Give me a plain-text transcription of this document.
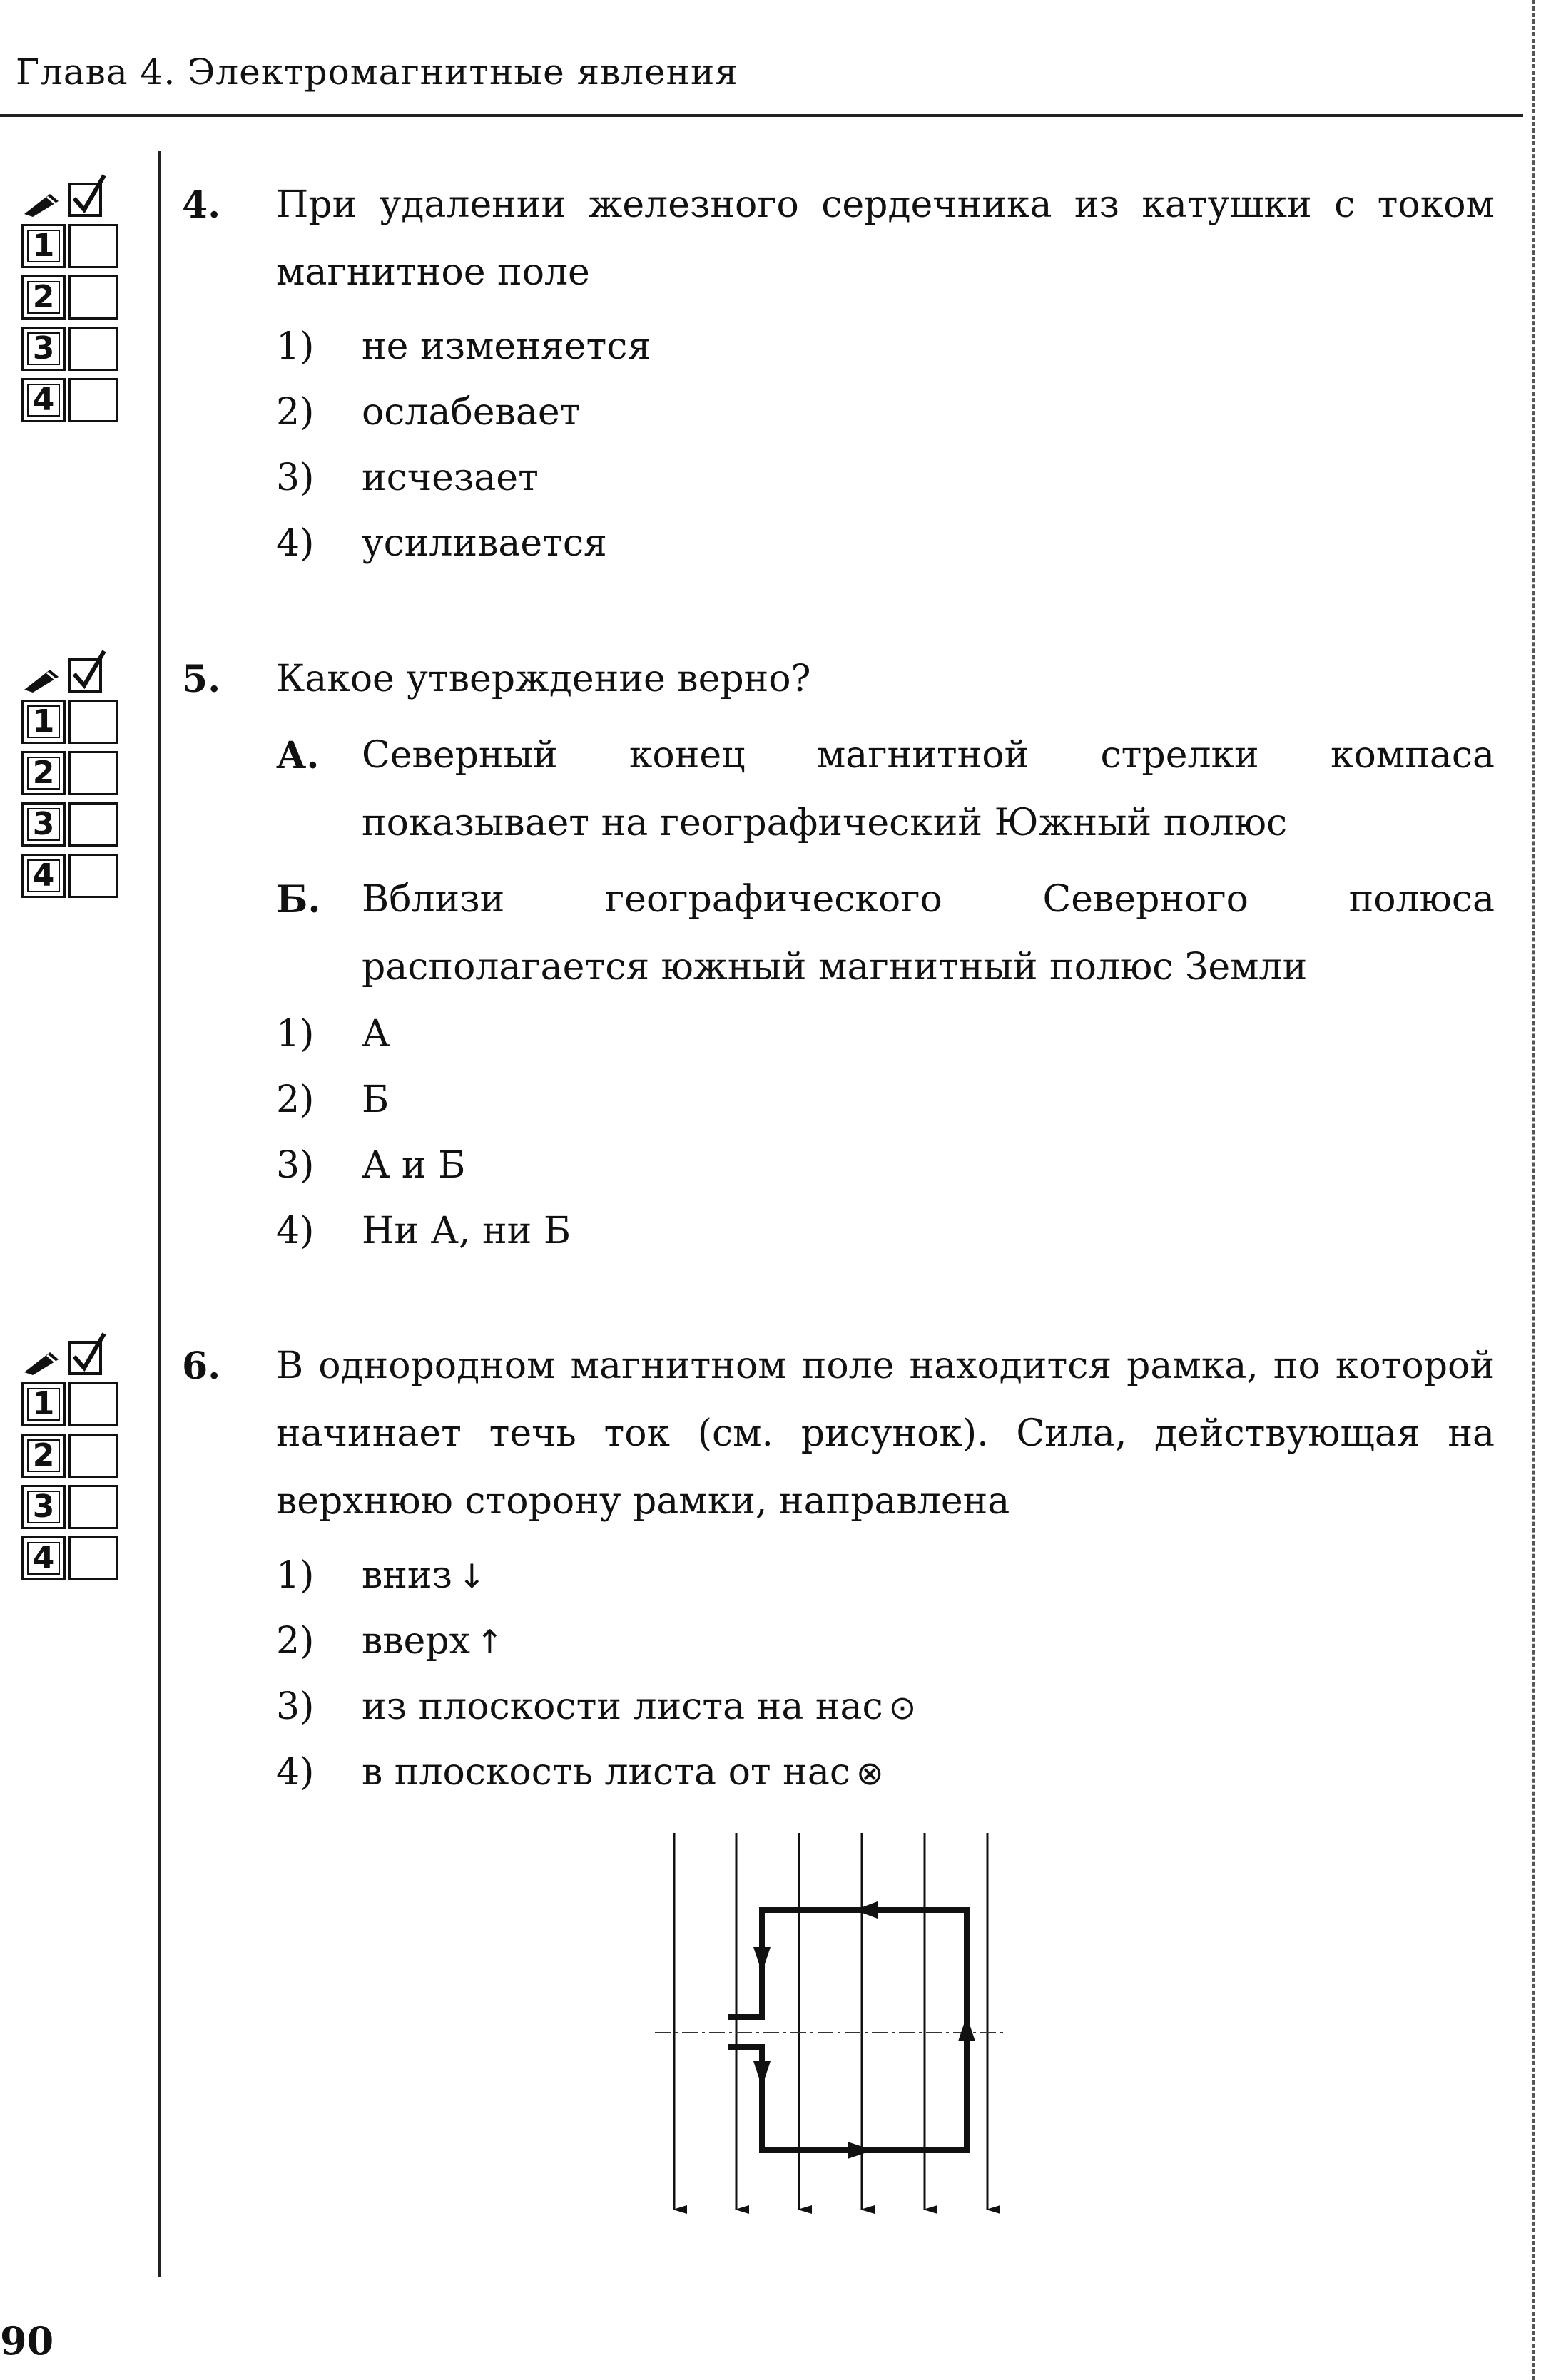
Глава 4. Электромагнитные явления
90
1
2
3
4
1
2
3
4
1
2
3
4
4.	При удалении железного сердечника из катушки с током магнитное поле
1)	не изменяется
2)	ослабевает
3)	исчезает
4)	усиливается
5.	Какое утверждение верно?
А.	Северный конец магнитной стрелки компаса показывает на географический Южный полюс
Б.	Вблизи географического Северного полюса располагается южный магнитный полюс Земли
1)	А
2)	Б
3)	А и Б
4)	Ни А, ни Б
6.	В однородном магнитном поле находится рамка, по которой начинает течь ток (см. рисунок). Сила, действующая на верхнюю сторону рамки, направлена
1)	вниз ↓
2)	вверх ↑
3)	из плоскости листа на нас ⊙
4)	в плоскость листа от нас ⊗
